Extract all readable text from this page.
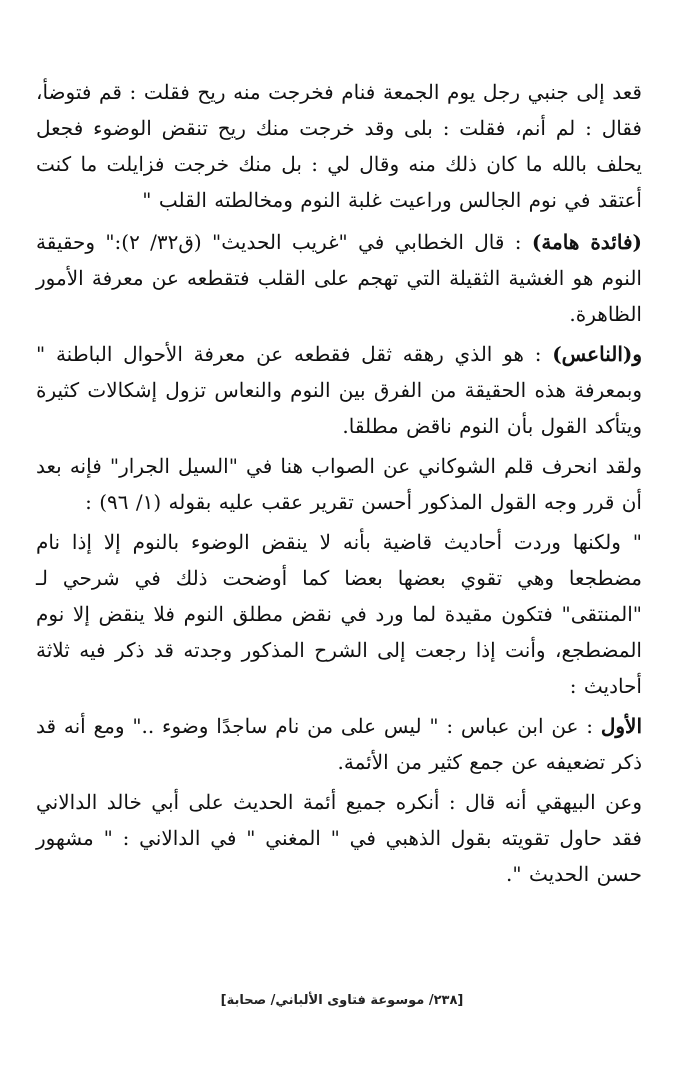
قعد إلى جنبي رجل يوم الجمعة فنام فخرجت منه ريح فقلت : قم فتوضأ، فقال : لم أنم، فقلت : بلى وقد خرجت منك ريح تنقض الوضوء فجعل يحلف بالله ما كان ذلك منه وقال لي : بل منك خرجت فزايلت ما كنت أعتقد في نوم الجالس وراعيت غلبة النوم ومخالطته القلب "

(فائدة هامة) : قال الخطابي في "غريب الحديث" (ق٣٢/ ٢):" وحقيقة النوم هو الغشية الثقيلة التي تهجم على القلب فتقطعه عن معرفة الأمور الظاهرة.

و(الناعس) : هو الذي رهقه ثقل فقطعه عن معرفة الأحوال الباطنة " وبمعرفة هذه الحقيقة من الفرق بين النوم والنعاس تزول إشكالات كثيرة ويتأكد القول بأن النوم ناقض مطلقا.

ولقد انحرف قلم الشوكاني عن الصواب هنا في "السيل الجرار" فإنه بعد أن قرر وجه القول المذكور أحسن تقرير عقب عليه بقوله (١/ ٩٦) :

" ولكنها وردت أحاديث قاضية بأنه لا ينقض الوضوء بالنوم إلا إذا نام مضطجعا وهي تقوي بعضها بعضا كما أوضحت ذلك في شرحي لـ "المنتقى" فتكون مقيدة لما ورد في نقض مطلق النوم فلا ينقض إلا نوم المضطجع، وأنت إذا رجعت إلى الشرح المذكور وجدته قد ذكر فيه ثلاثة أحاديث :

الأول : عن ابن عباس : " ليس على من نام ساجدًا وضوء .." ومع أنه قد ذكر تضعيفه عن جمع كثير من الأئمة.

وعن البيهقي أنه قال : أنكره جميع أئمة الحديث على أبي خالد الدالاني فقد حاول تقويته بقول الذهبي في " المغني " في الدالاني : " مشهور حسن الحديث ".

[٢٣٨/ موسوعة فتاوى الألباني/ صحابة]
